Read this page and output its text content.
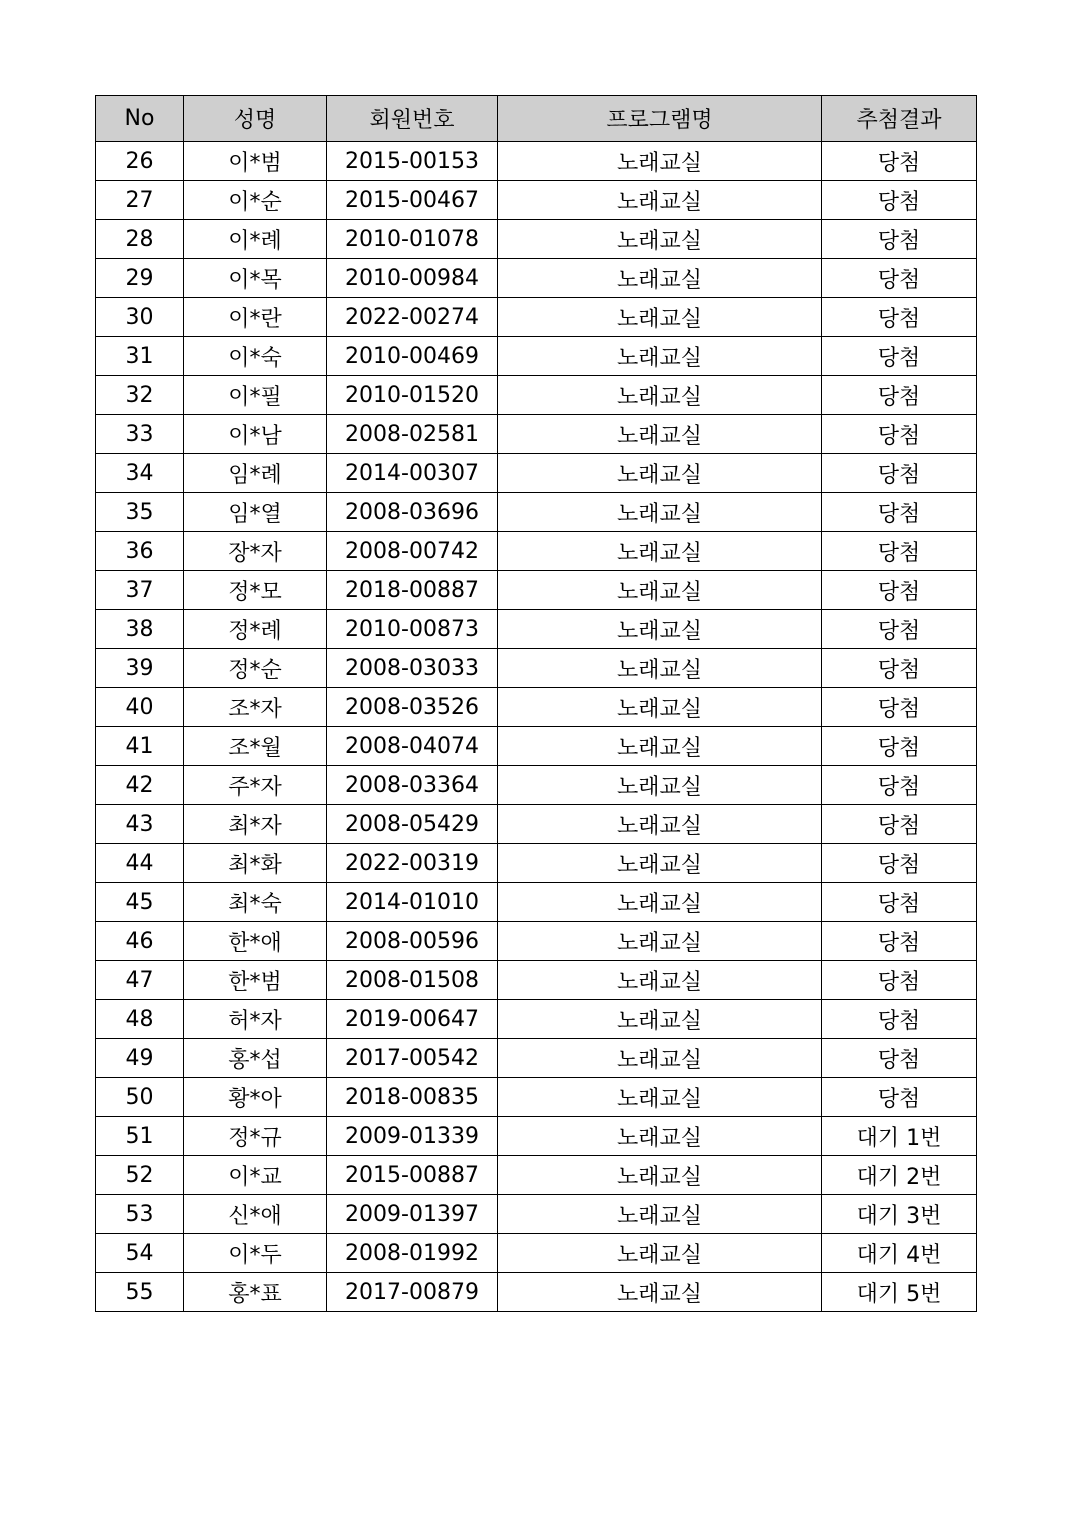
No	성명	회원번호	프로그램명	추첨결과
26	이*범	2015-00153	노래교실	당첨
27	이*순	2015-00467	노래교실	당첨
28	이*례	2010-01078	노래교실	당첨
29	이*목	2010-00984	노래교실	당첨
30	이*란	2022-00274	노래교실	당첨
31	이*숙	2010-00469	노래교실	당첨
32	이*필	2010-01520	노래교실	당첨
33	이*남	2008-02581	노래교실	당첨
34	임*례	2014-00307	노래교실	당첨
35	임*열	2008-03696	노래교실	당첨
36	장*자	2008-00742	노래교실	당첨
37	정*모	2018-00887	노래교실	당첨
38	정*례	2010-00873	노래교실	당첨
39	정*순	2008-03033	노래교실	당첨
40	조*자	2008-03526	노래교실	당첨
41	조*월	2008-04074	노래교실	당첨
42	주*자	2008-03364	노래교실	당첨
43	최*자	2008-05429	노래교실	당첨
44	최*화	2022-00319	노래교실	당첨
45	최*숙	2014-01010	노래교실	당첨
46	한*애	2008-00596	노래교실	당첨
47	한*범	2008-01508	노래교실	당첨
48	허*자	2019-00647	노래교실	당첨
49	홍*섭	2017-00542	노래교실	당첨
50	황*아	2018-00835	노래교실	당첨
51	정*규	2009-01339	노래교실	대기 1번
52	이*교	2015-00887	노래교실	대기 2번
53	신*애	2009-01397	노래교실	대기 3번
54	이*두	2008-01992	노래교실	대기 4번
55	홍*표	2017-00879	노래교실	대기 5번
